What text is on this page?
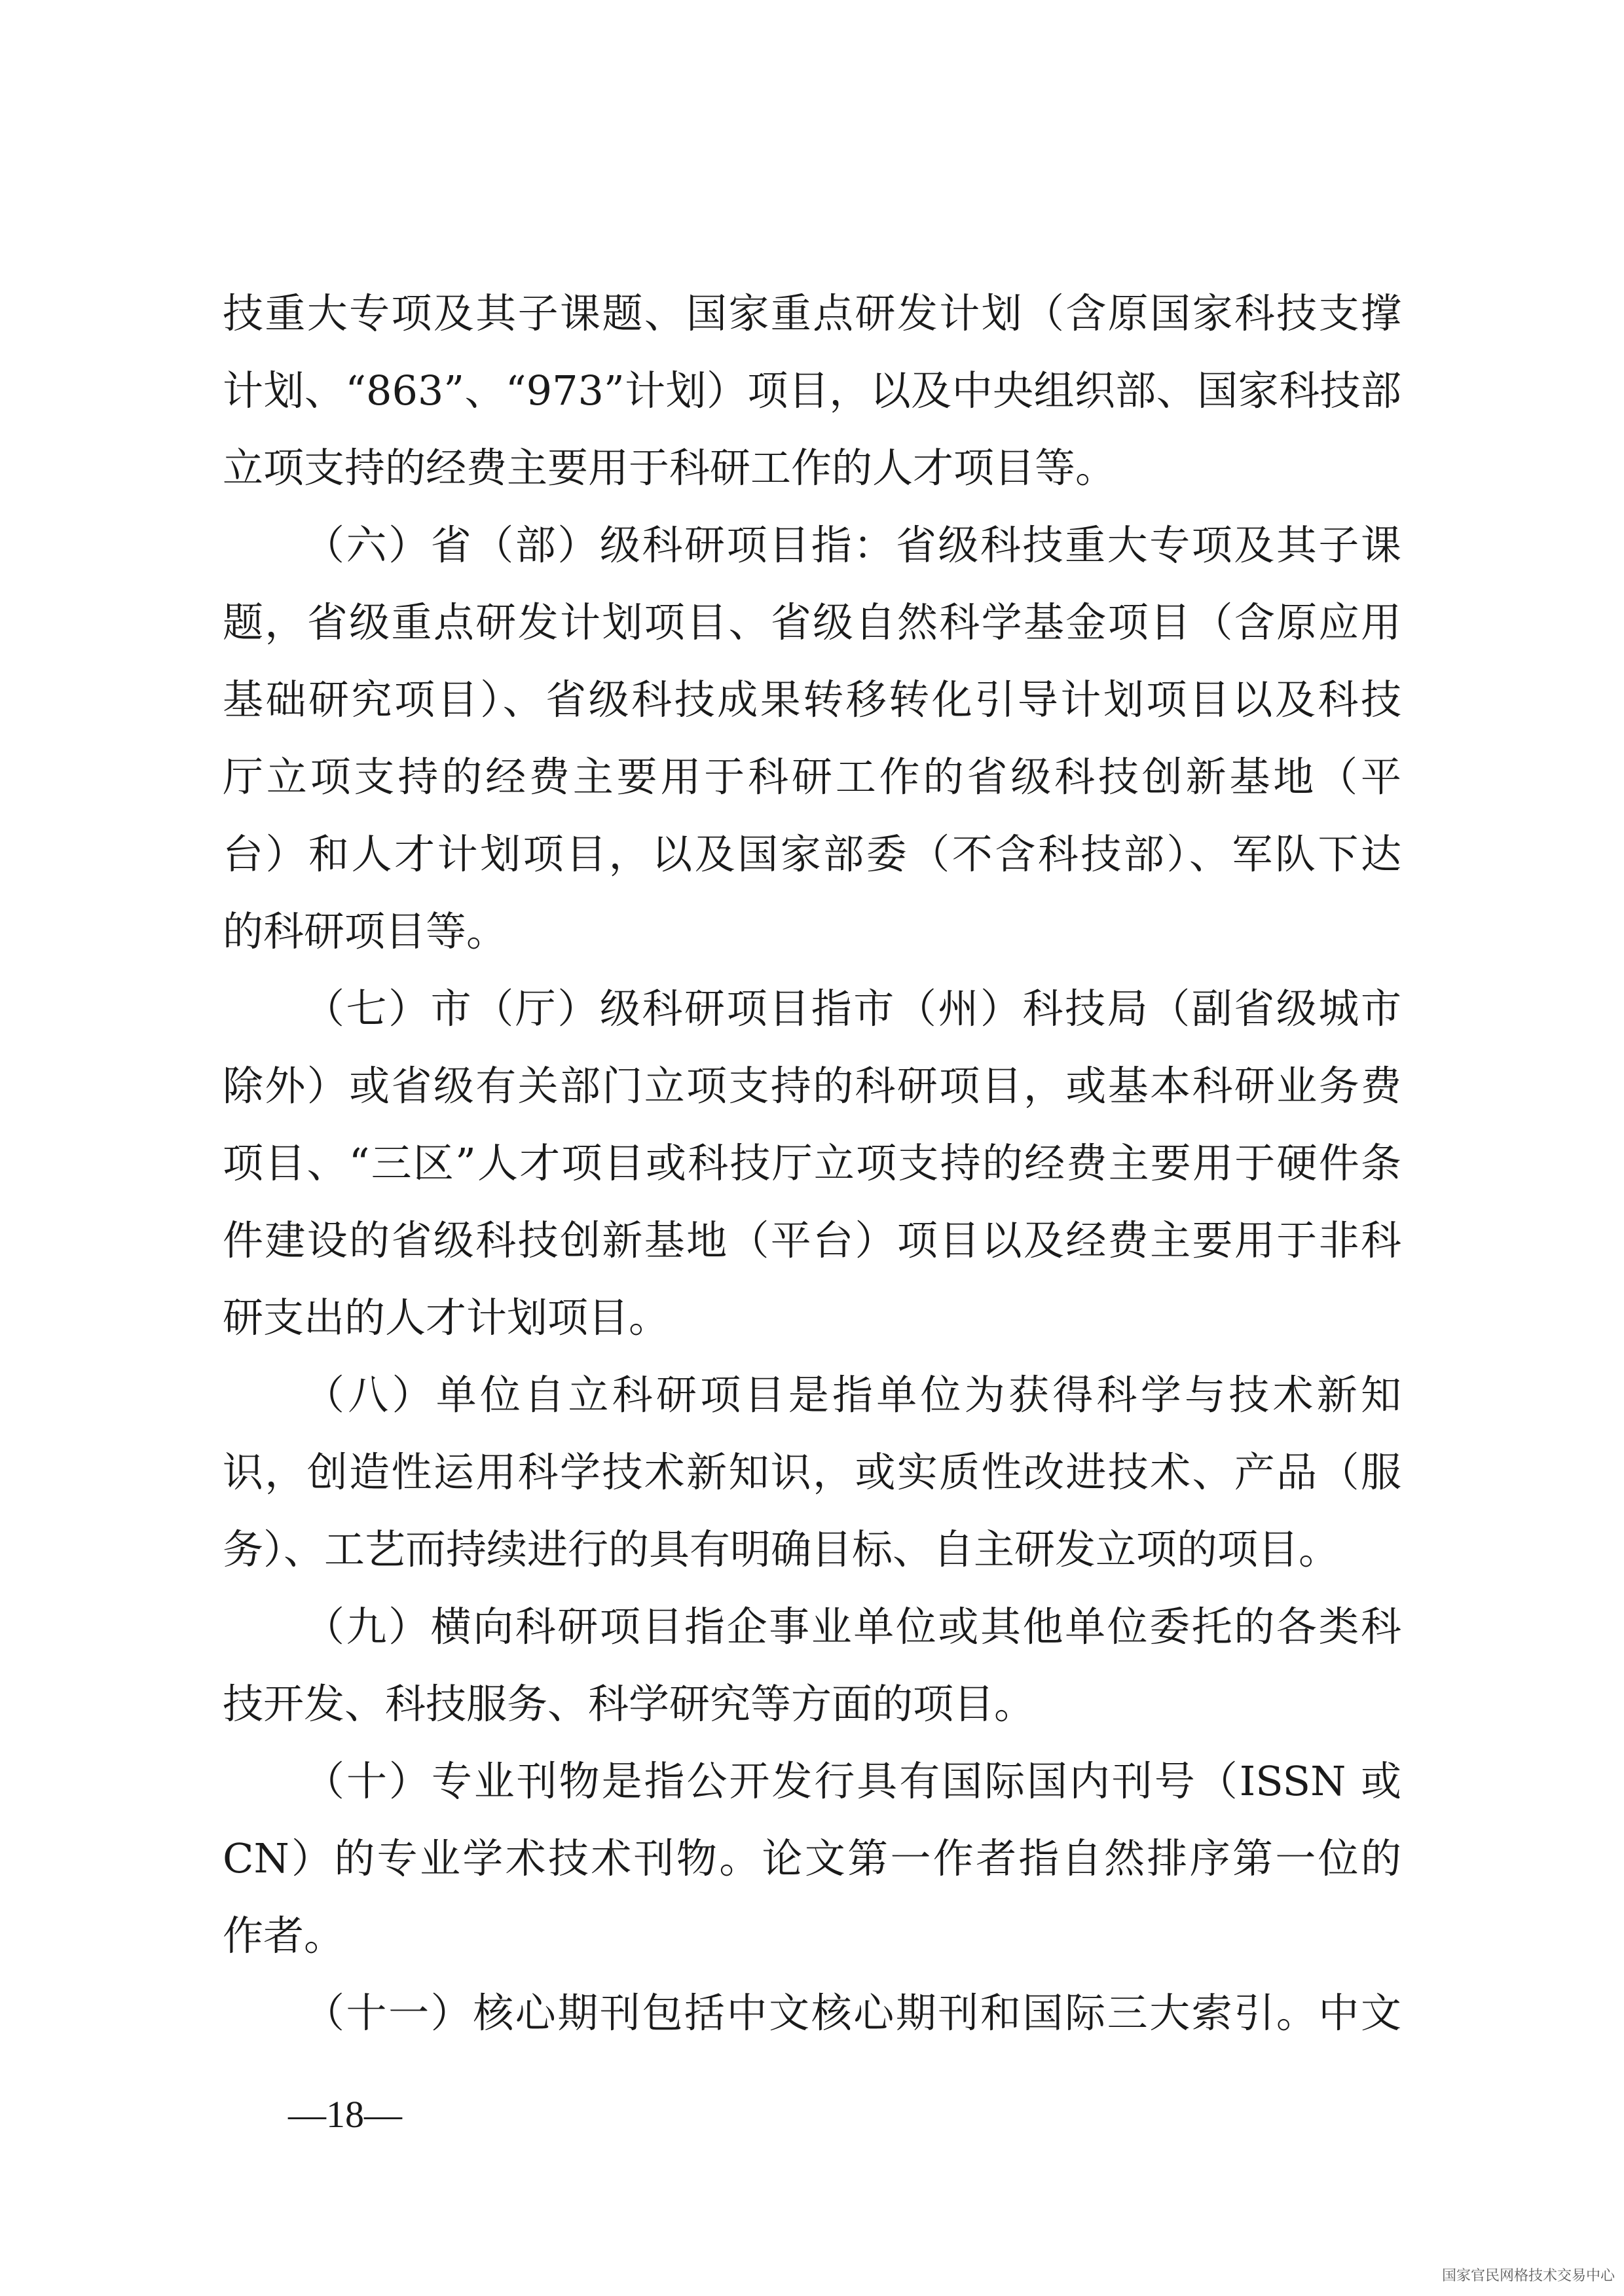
技重大专项及其子课题、国家重点研发计划（含原国家科技支撑
计划、“863”、“973”计划）项目，以及中央组织部、国家科技部
立项支持的经费主要用于科研工作的人才项目等。
（六）省（部）级科研项目指：省级科技重大专项及其子课
题，省级重点研发计划项目、省级自然科学基金项目（含原应用
基础研究项目）、省级科技成果转移转化引导计划项目以及科技
厅立项支持的经费主要用于科研工作的省级科技创新基地（平
台）和人才计划项目，以及国家部委（不含科技部）、军队下达
的科研项目等。
（七）市（厅）级科研项目指市（州）科技局（副省级城市
除外）或省级有关部门立项支持的科研项目，或基本科研业务费
项目、“三区”人才项目或科技厅立项支持的经费主要用于硬件条
件建设的省级科技创新基地（平台）项目以及经费主要用于非科
研支出的人才计划项目。
（八）单位自立科研项目是指单位为获得科学与技术新知
识，创造性运用科学技术新知识，或实质性改进技术、产品（服
务）、工艺而持续进行的具有明确目标、自主研发立项的项目。
（九）横向科研项目指企事业单位或其他单位委托的各类科
技开发、科技服务、科学研究等方面的项目。
（十）专业刊物是指公开发行具有国际国内刊号（ISSN 或
CN）的专业学术技术刊物。论文第一作者指自然排序第一位的
作者。
（十一）核心期刊包括中文核心期刊和国际三大索引。中文
—18—
国家官民网格技术交易中心
